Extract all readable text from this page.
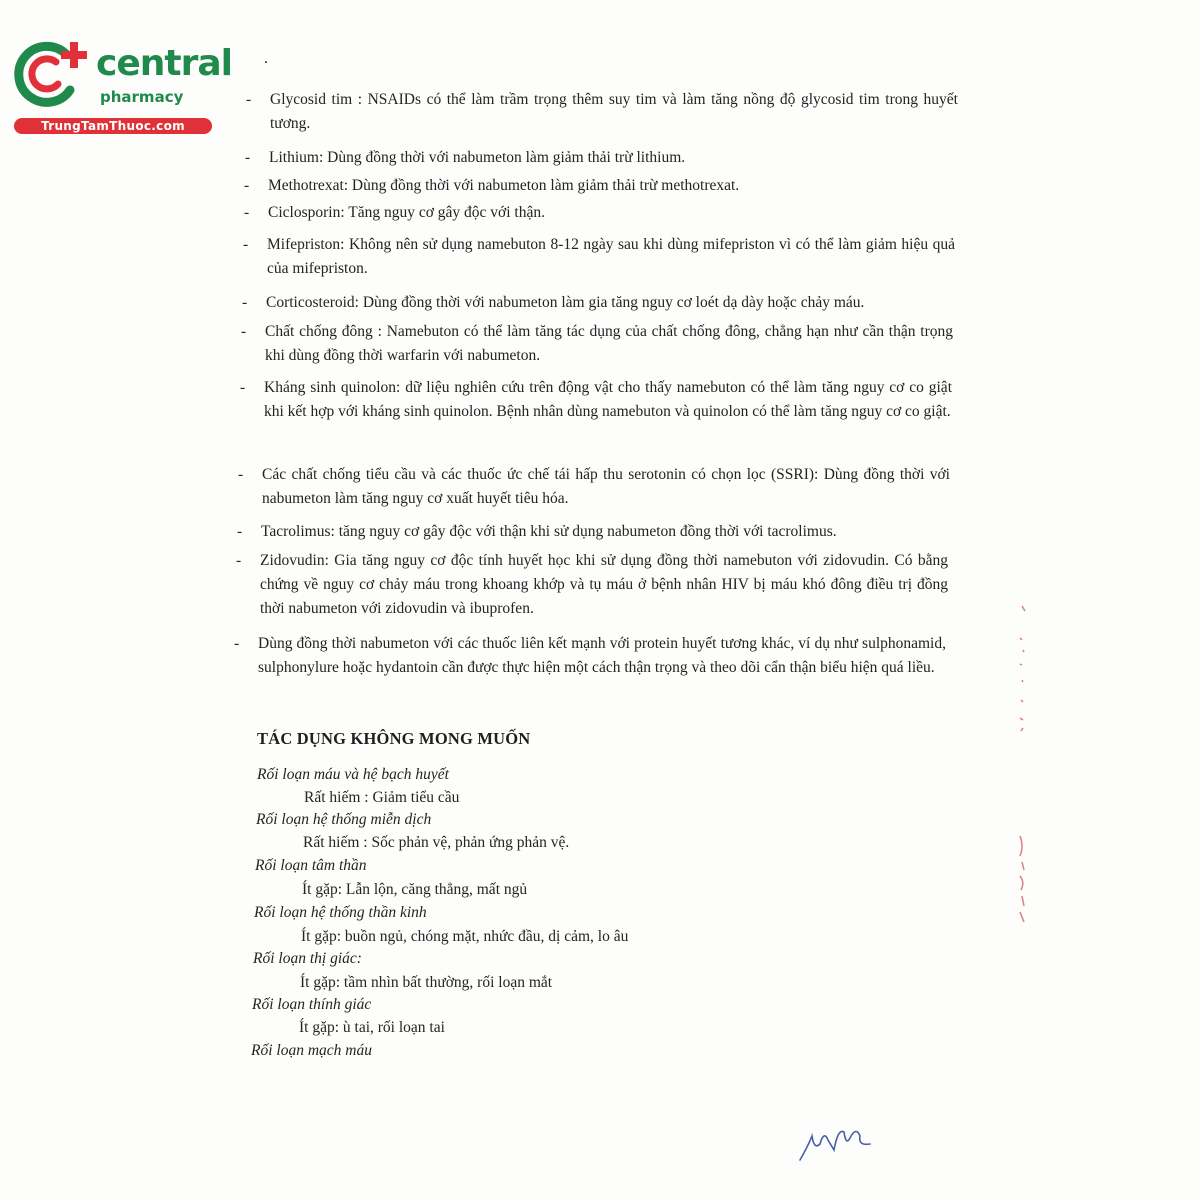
central
pharmacy
TrungTamThuoc.com
.
- Glycosid tim : NSAIDs có thể làm trầm trọng thêm suy tim và làm tăng nồng độ glycosid tim trong huyết tương.
- Lithium: Dùng đồng thời với nabumeton làm giảm thải trừ lithium.
- Methotrexat: Dùng đồng thời với nabumeton làm giảm thải trừ methotrexat.
- Ciclosporin: Tăng nguy cơ gây độc với thận.
- Mifepriston: Không nên sử dụng namebuton 8-12 ngày sau khi dùng mifepriston vì có thể làm giảm hiệu quả của mifepriston.
- Corticosteroid: Dùng đồng thời với nabumeton làm gia tăng nguy cơ loét dạ dày hoặc chảy máu.
- Chất chống đông : Namebuton có thể làm tăng tác dụng của chất chống đông, chẳng hạn như cần thận trọng khi dùng đồng thời warfarin với nabumeton.
- Kháng sinh quinolon: dữ liệu nghiên cứu trên động vật cho thấy namebuton có thể làm tăng nguy cơ co giật khi kết hợp với kháng sinh quinolon. Bệnh nhân dùng namebuton và quinolon có thể làm tăng nguy cơ co giật.
- Các chất chống tiểu cầu và các thuốc ức chế tái hấp thu serotonin có chọn lọc (SSRI): Dùng đồng thời với nabumeton làm tăng nguy cơ xuất huyết tiêu hóa.
- Tacrolimus: tăng nguy cơ gây độc với thận khi sử dụng nabumeton đồng thời với tacrolimus.
- Zidovudin: Gia tăng nguy cơ độc tính huyết học khi sử dụng đồng thời namebuton với zidovudin. Có bằng chứng về nguy cơ chảy máu trong khoang khớp và tụ máu ở bệnh nhân HIV bị máu khó đông điều trị đồng thời nabumeton với zidovudin và ibuprofen.
- Dùng đồng thời nabumeton với các thuốc liên kết mạnh với protein huyết tương khác, ví dụ như sulphonamid, sulphonylure hoặc hydantoin cần được thực hiện một cách thận trọng và theo dõi cẩn thận biểu hiện quá liều.
TÁC DỤNG KHÔNG MONG MUỐN
Rối loạn máu và hệ bạch huyết
Rất hiếm : Giảm tiểu cầu
Rối loạn hệ thống miễn dịch
Rất hiếm : Sốc phản vệ, phản ứng phản vệ.
Rối loạn tâm thần
Ít gặp: Lẫn lộn, căng thẳng, mất ngủ
Rối loạn hệ thống thần kinh
Ít gặp: buồn ngủ, chóng mặt, nhức đầu, dị cảm, lo âu
Rối loạn thị giác:
Ít gặp: tầm nhìn bất thường, rối loạn mắt
Rối loạn thính giác
Ít gặp: ù tai, rối loạn tai
Rối loạn mạch máu
